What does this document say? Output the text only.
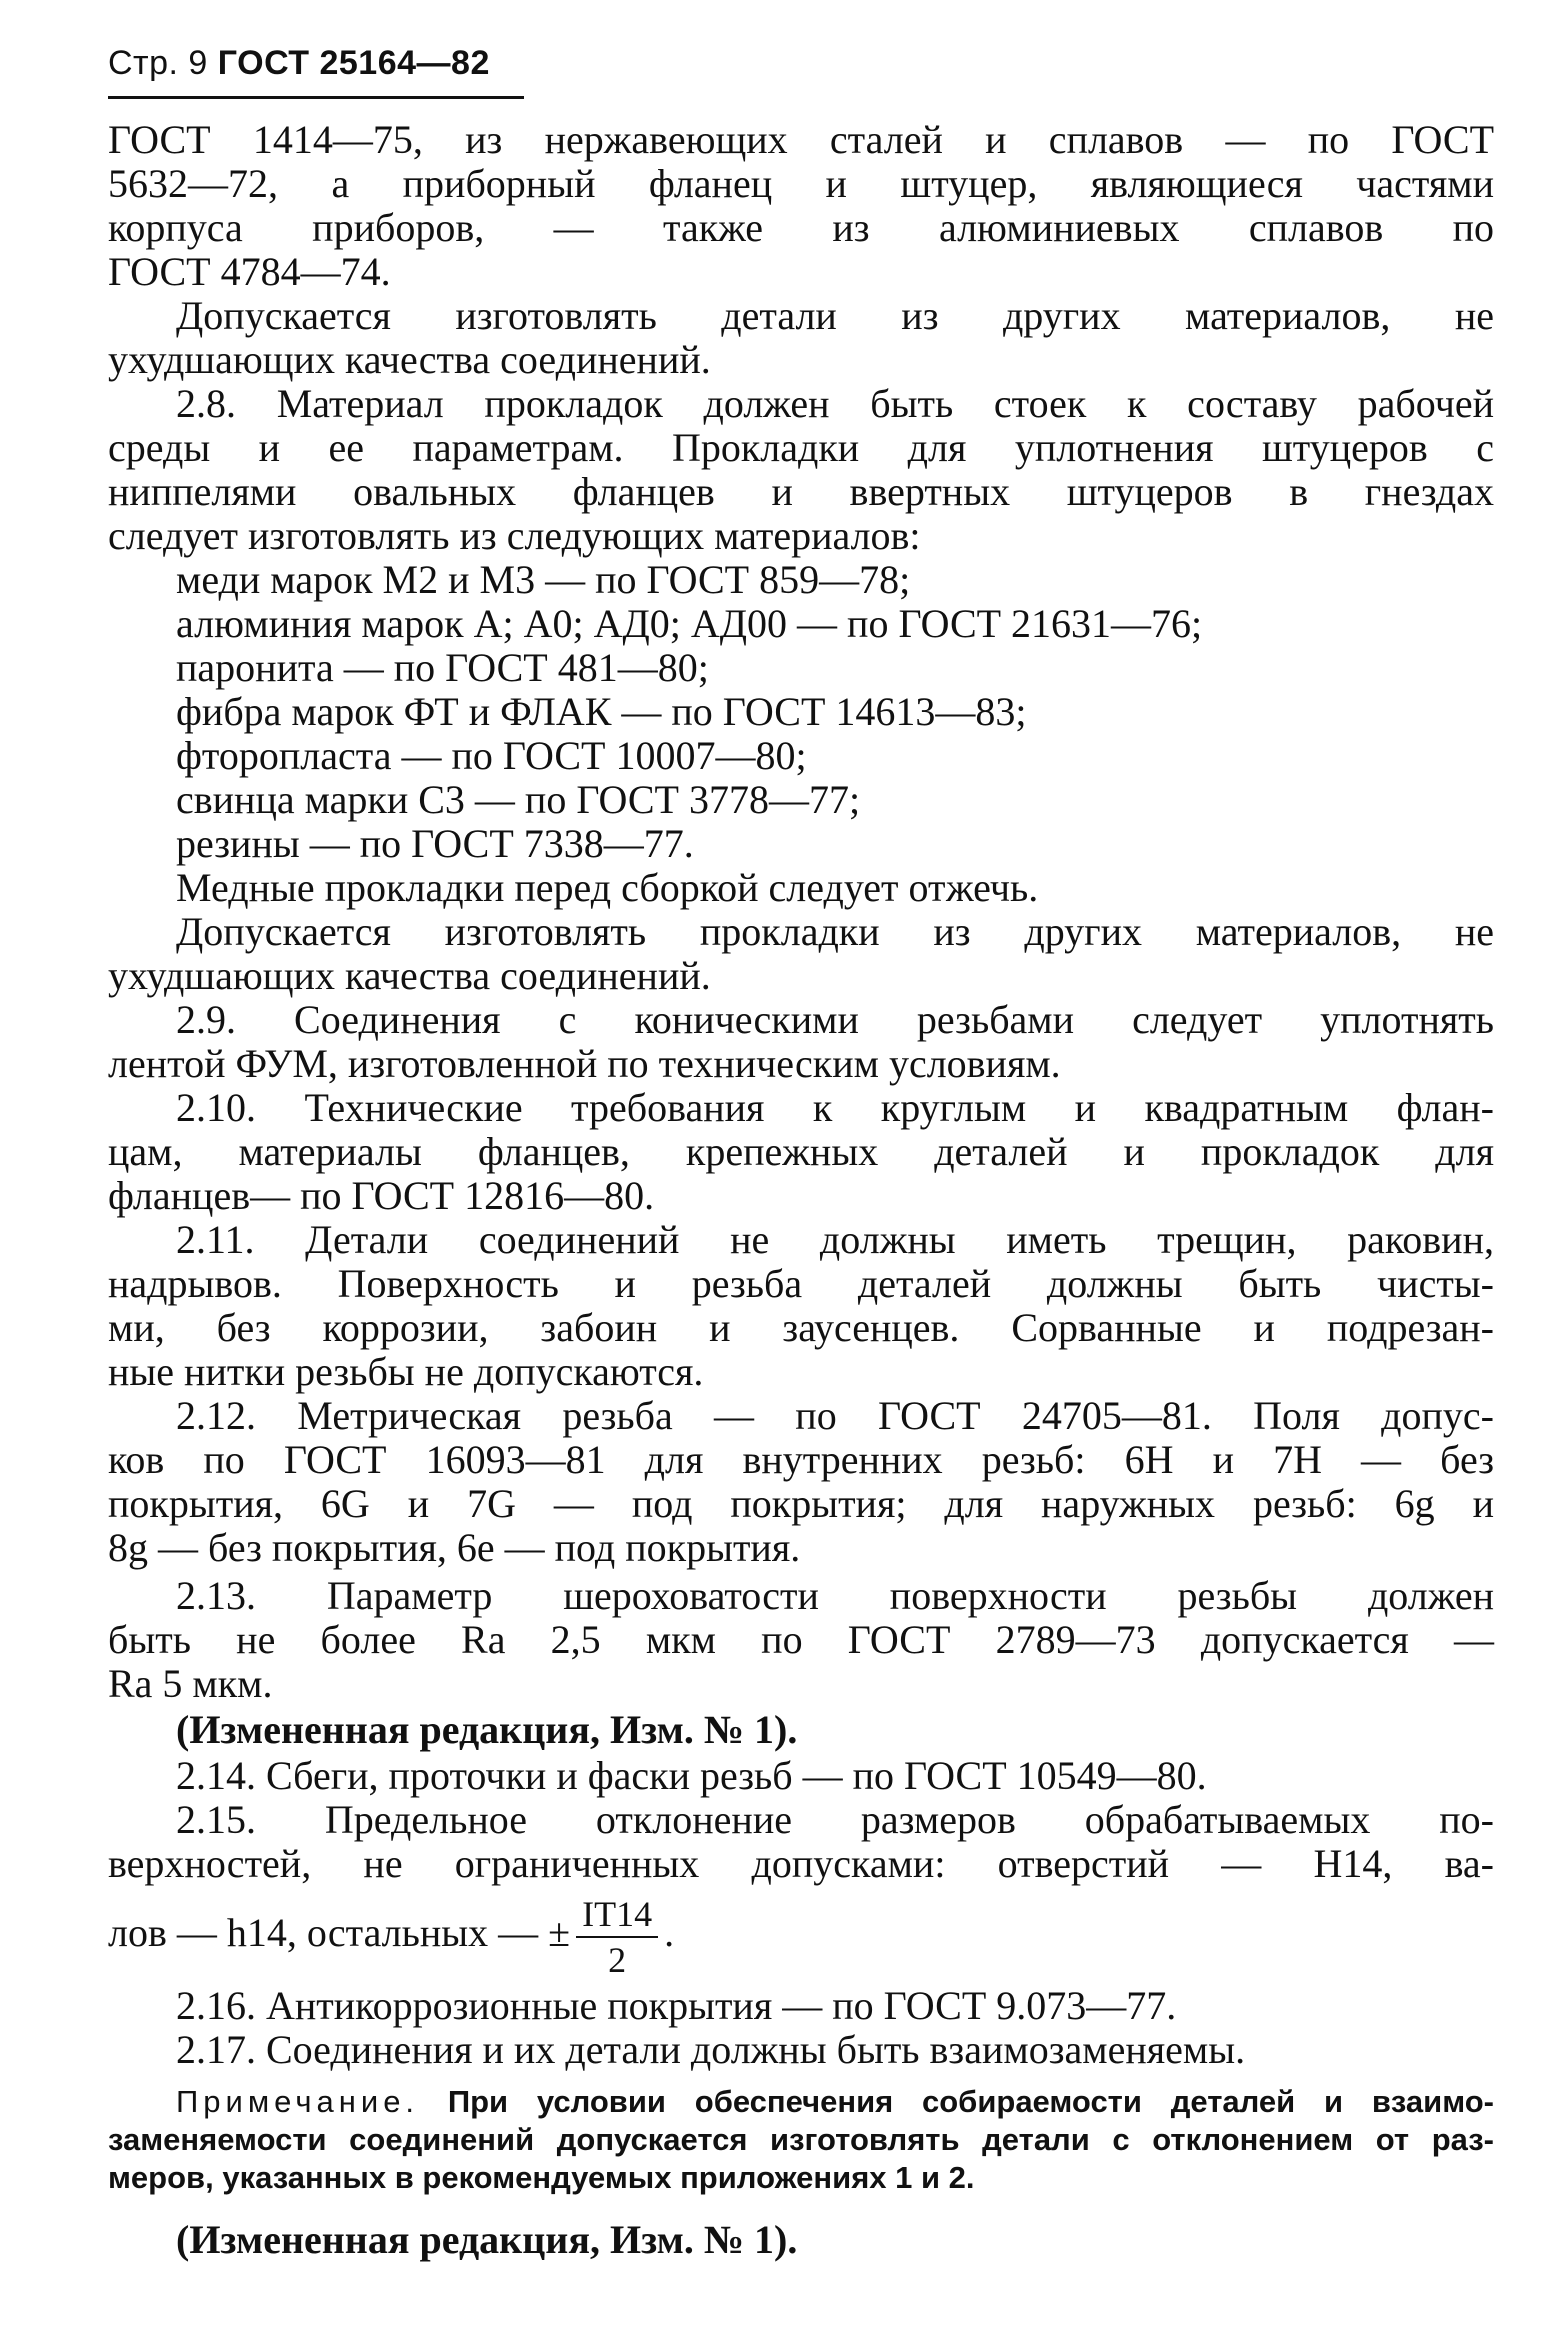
Стр. 9 ГОСТ 25164—82
ГОСТ 1414—75, из нержавеющих сталей и сплавов — по ГОСТ
5632—72, а приборный фланец и штуцер, являющиеся частями
корпуса приборов, — также из алюминиевых сплавов по
ГОСТ 4784—74.
Допускается изготовлять детали из других материалов, не
ухудшающих качества соединений.
2.8. Материал прокладок должен быть стоек к составу рабочей
среды и ее параметрам. Прокладки для уплотнения штуцеров с
ниппелями овальных фланцев и ввертных штуцеров в гнездах
следует изготовлять из следующих материалов:
меди марок М2 и М3 — по ГОСТ 859—78;
алюминия марок А; А0; АД0; АД00 — по ГОСТ 21631—76;
паронита — по ГОСТ 481—80;
фибра марок ФТ и ФЛАК — по ГОСТ 14613—83;
фторопласта — по ГОСТ 10007—80;
свинца марки С3 — по ГОСТ 3778—77;
резины — по ГОСТ 7338—77.
Медные прокладки перед сборкой следует отжечь.
Допускается изготовлять прокладки из других материалов, не
ухудшающих качества соединений.
2.9. Соединения с коническими резьбами следует уплотнять
лентой ФУМ, изготовленной по техническим условиям.
2.10. Технические требования к круглым и квадратным флан-
цам, материалы фланцев, крепежных деталей и прокладок для
фланцев— по ГОСТ 12816—80.
2.11. Детали соединений не должны иметь трещин, раковин,
надрывов. Поверхность и резьба деталей должны быть чисты-
ми, без коррозии, забоин и заусенцев. Сорванные и подрезан-
ные нитки резьбы не допускаются.
2.12. Метрическая резьба — по ГОСТ 24705—81. Поля допус-
ков по ГОСТ 16093—81 для внутренних резьб: 6Н и 7Н — без
покрытия, 6G и 7G — под покрытия; для наружных резьб: 6g и
8g — без покрытия, 6е — под покрытия.
2.13. Параметр шероховатости поверхности резьбы должен
быть не более Ra 2,5 мкм по ГОСТ 2789—73 допускается —
Ra 5 мкм.
(Измененная редакция, Изм. № 1).
2.14. Сбеги, проточки и фаски резьб — по ГОСТ 10549—80.
2.15. Предельное отклонение размеров обрабатываемых по-
верхностей, не ограниченных допусками: отверстий — Н14, ва-
лов — h14, остальных — ± $\frac{IT14}{2}$ .
2.16. Антикоррозионные покрытия — по ГОСТ 9.073—77.
2.17. Соединения и их детали должны быть взаимозаменяемы.
Примечание. При условии обеспечения собираемости деталей и взаимо-
заменяемости соединений допускается изготовлять детали с отклонением от раз-
меров, указанных в рекомендуемых приложениях 1 и 2.
(Измененная редакция, Изм. № 1).
